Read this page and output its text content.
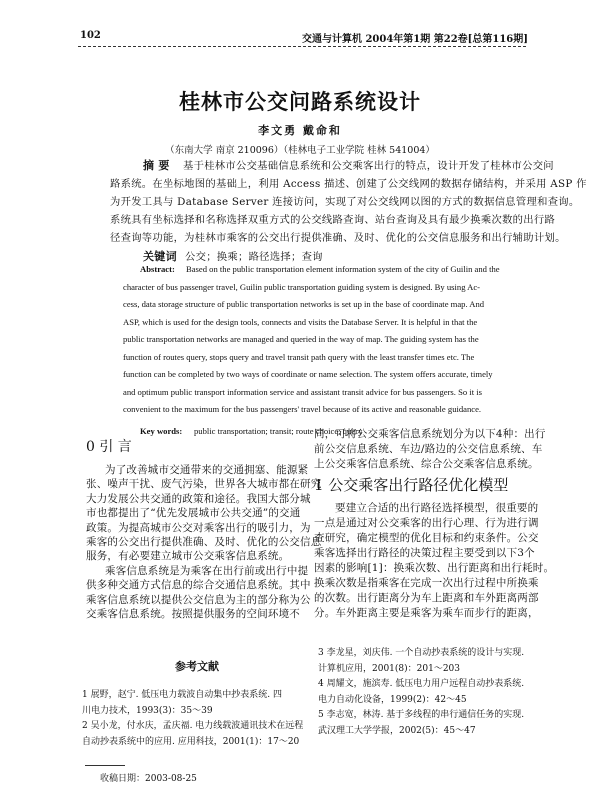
102	交通与计算机 2004年第1期 第22卷[总第116期]
桂林市公交问路系统设计
李文勇 戴命和
（东南大学 南京 210096）（桂林电子工业学院 桂林 541004）
摘 要 基于桂林市公交基础信息系统和公交乘客出行的特点，设计开发了桂林市公交问
路系统。在坐标地图的基础上，利用 Access 描述、创建了公交线网的数据存储结构，并采用 ASP 作
为开发工具与 Database Server 连接访问，实现了对公交线网以图的方式的数据信息管理和查询。
系统具有坐标选择和名称选择双重方式的公交线路查询、站台查询及具有最少换乘次数的出行路
径查询等功能，为桂林市乘客的公交出行提供准确、及时、优化的公交信息服务和出行辅助计划。
关键词 公交；换乘；路径选择；查询
Abstract: Based on the public transportation element information system of the city of Guilin and the
character of bus passenger travel, Guilin public transportation guiding system is designed. By using Ac-
cess, data storage structure of public transportation networks is set up in the base of coordinate map. And
ASP, which is used for the design tools, connects and visits the Database Server. It is helpful in that the
public transportation networks are managed and queried in the way of map. The guiding system has the
function of routes query, stops query and travel transit path query with the least transfer times etc. The
function can be completed by two ways of coordinate or name selection. The system offers accurate, timely
and optimum public transport information service and assistant transit advice for bus passengers. So it is
convenient to the maximum for the bus passengers' travel because of its active and reasonable guidance.
Key words: public transportation; transit; route choice; query
0 引 言
为了改善城市交通带来的交通拥塞、能源紧
张、噪声干扰、废气污染，世界各大城市都在研究
大力发展公共交通的政策和途径。我国大部分城
市也都提出了“优先发展城市公共交通”的交通
政策。为提高城市公交对乘客出行的吸引力，为
乘客的公交出行提供准确、及时、优化的公交信息
服务，有必要建立城市公交乘客信息系统。
乘客信息系统是为乘客在出行前或出行中提
供多种交通方式信息的综合交通信息系统。其中
乘客信息系统以提供公交信息为主的部分称为公
交乘客信息系统。按照提供服务的空间环境不
同，可将公交乘客信息系统划分为以下4种：出行
前公交信息系统、车边/路边的公交信息系统、车
上公交乘客信息系统、综合公交乘客信息系统。
1 公交乘客出行路径优化模型
要建立合适的出行路径选择模型，很重要的
一点是通过对公交乘客的出行心理、行为进行调
查研究，确定模型的优化目标和约束条件。公交
乘客选择出行路径的决策过程主要受到以下3个
因素的影响[1]：换乘次数、出行距离和出行耗时。
换乘次数是指乘客在完成一次出行过程中所换乘
的次数。出行距离分为车上距离和车外距离两部
分。车外距离主要是乘客为乘车而步行的距离，
参考文献
1 展野，赵宁. 低压电力载波自动集中抄表系统. 四
川电力技术，1993(3)：35～39
2 吴小龙，付水庆，孟庆福. 电力线载波通讯技术在远程
自动抄表系统中的应用. 应用科技，2001(1)：17～20
3 李龙星，刘庆伟. 一个自动抄表系统的设计与实现.
计算机应用，2001(8)：201～203
4 周耀文，施滨寿. 低压电力用户远程自动抄表系统.
电力自动化设备，1999(2)：42～45
5 李志宽，林涛. 基于多线程的串行通信任务的实现.
武汉理工大学学报，2002(5)：45～47
收稿日期：2003-08-25
